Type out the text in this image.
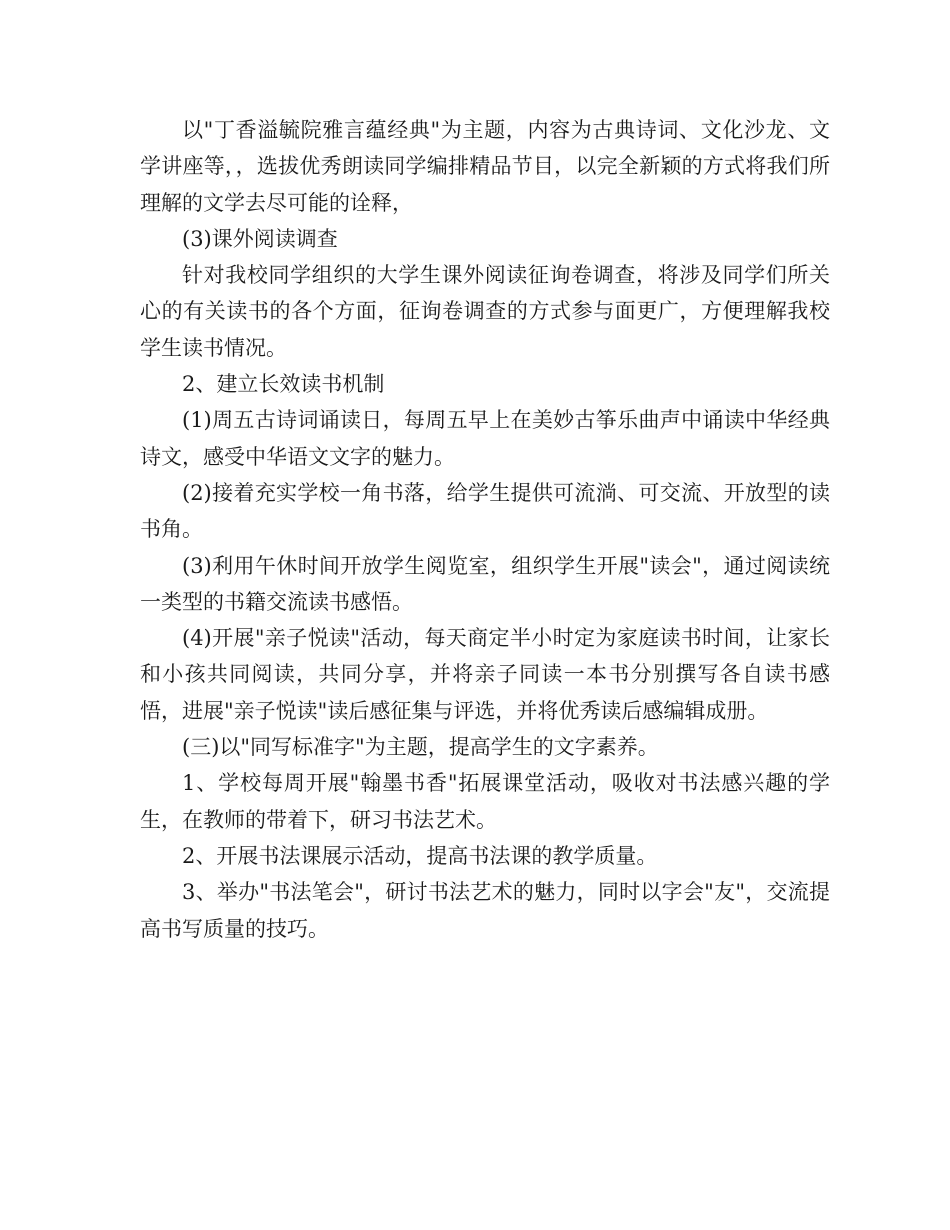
以"丁香溢毓院雅言蕴经典"为主题，内容为古典诗词、文化沙龙、文学讲座等，，选拔优秀朗读同学编排精品节目，以完全新颖的方式将我们所理解的文学去尽可能的诠释，

(3)课外阅读调查

针对我校同学组织的大学生课外阅读征询卷调查，将涉及同学们所关心的有关读书的各个方面，征询卷调查的方式参与面更广，方便理解我校学生读书情况。

2、建立长效读书机制

(1)周五古诗词诵读日，每周五早上在美妙古筝乐曲声中诵读中华经典诗文，感受中华语文文字的魅力。

(2)接着充实学校一角书落，给学生提供可流淌、可交流、开放型的读书角。

(3)利用午休时间开放学生阅览室，组织学生开展"读会"，通过阅读统一类型的书籍交流读书感悟。

(4)开展"亲子悦读"活动，每天商定半小时定为家庭读书时间，让家长和小孩共同阅读，共同分享，并将亲子同读一本书分别撰写各自读书感悟，进展"亲子悦读"读后感征集与评选，并将优秀读后感编辑成册。

(三)以"同写标准字"为主题，提高学生的文字素养。

1、学校每周开展"翰墨书香"拓展课堂活动，吸收对书法感兴趣的学生，在教师的带着下，研习书法艺术。

2、开展书法课展示活动，提高书法课的教学质量。

3、举办"书法笔会"，研讨书法艺术的魅力，同时以字会"友"，交流提高书写质量的技巧。
